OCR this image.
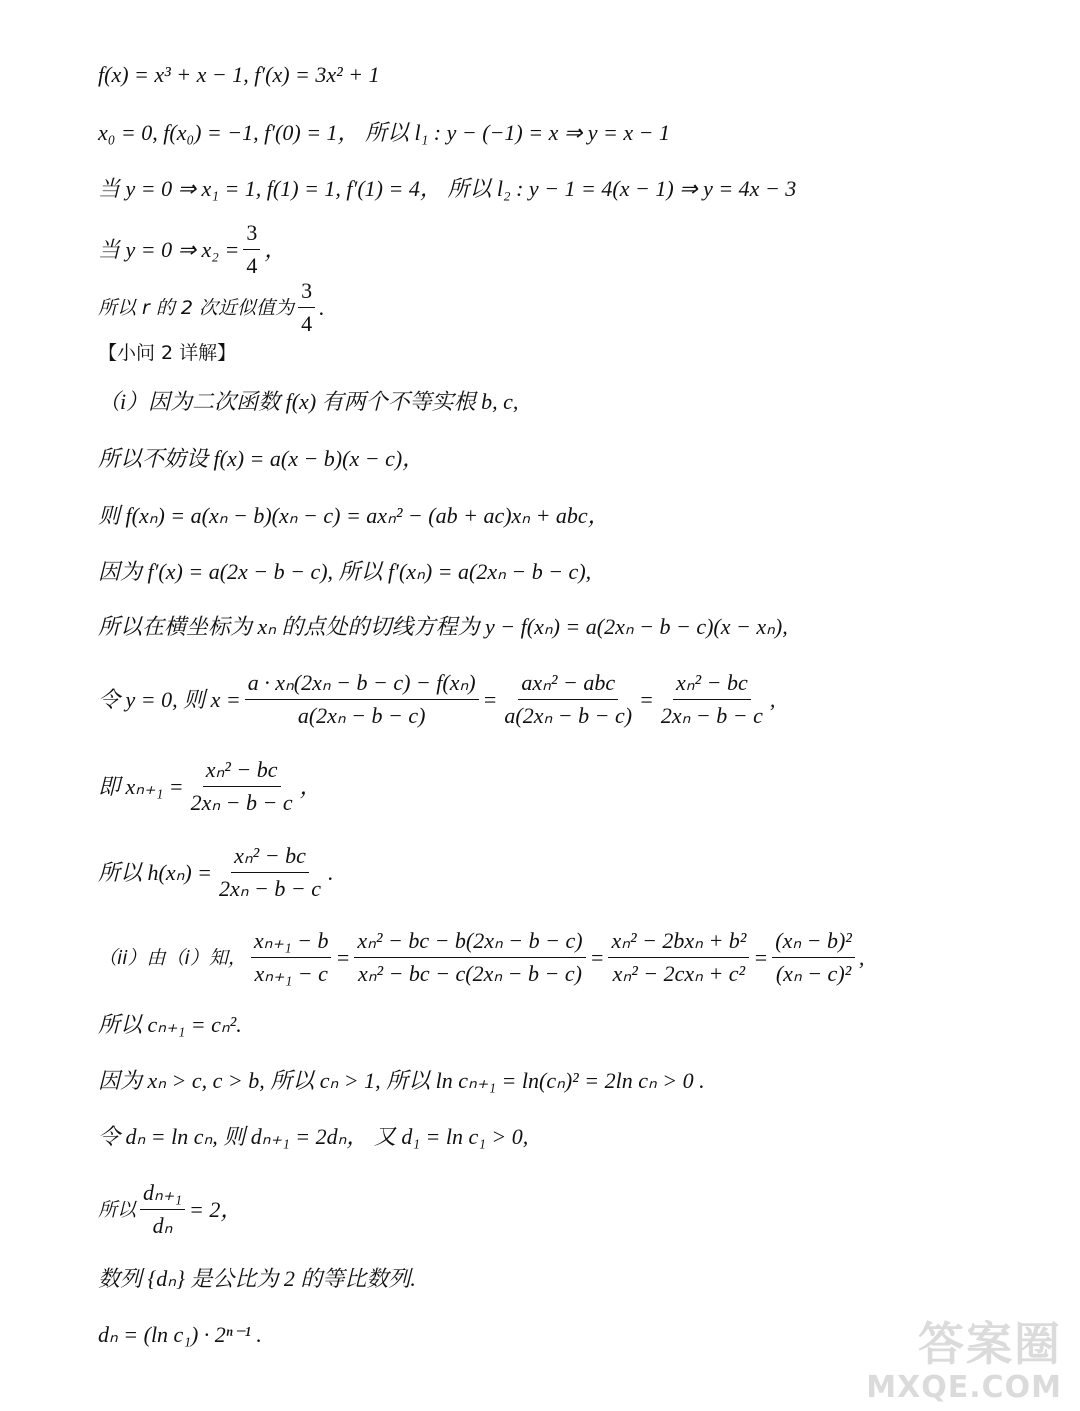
f(x) = x³ + x − 1, f′(x) = 3x² + 1
x₀ = 0, f(x₀) = −1, f′(0) = 1， 所以 l₁ : y − (−1) = x ⇒ y = x − 1
当 y = 0 ⇒ x₁ = 1, f(1) = 1, f′(1) = 4， 所以 l₂ : y − 1 = 4(x − 1) ⇒ y = 4x − 3
当 y = 0 ⇒ $x_2 = \frac{3}{4}$ ，
所以 r 的 2 次近似值为 $\frac{3}{4}$ .
【小问 2 详解】
（i）因为二次函数 f(x) 有两个不等实根 b, c,
所以不妨设 f(x) = a(x − b)(x − c)，
则 f(xₙ) = a(xₙ − b)(xₙ − c) = axₙ² − (ab + ac)xₙ + abc，
因为 f′(x) = a(2x − b − c), 所以 f′(xₙ) = a(2xₙ − b − c),
所以在横坐标为 xₙ 的点处的切线方程为 y − f(xₙ) = a(2xₙ − b − c)(x − xₙ),
令 y = 0, 则 $x = \frac{\text{a · xₙ(2xₙ − b − c) − f(xₙ)}}{\text{a(2xₙ − b − c)}} = \frac{\text{axₙ² − abc}}{\text{a(2xₙ − b − c)}} = \frac{\text{xₙ² − bc}}{\text{2xₙ − b − c}}$ ,
即 $x_{n+1} = \frac{\text{xₙ² − bc}}{\text{2xₙ − b − c}}$ ，
所以 $h(x_n) = \frac{\text{xₙ² − bc}}{\text{2xₙ − b − c}}$ .
（ii）由（i）知， $\frac{\text{xₙ₊₁ − b}}{\text{xₙ₊₁ − c}} = \frac{\text{xₙ² − bc − b(2xₙ − b − c)}}{\text{xₙ² − bc − c(2xₙ − b − c)}} = \frac{\text{xₙ² − 2bxₙ + b²}}{\text{xₙ² − 2cxₙ + c²}} = \frac{\text{(xₙ − b)²}}{\text{(xₙ − c)²}}$ ,
所以 cₙ₊₁ = cₙ².
因为 xₙ > c, c > b, 所以 cₙ > 1, 所以 ln cₙ₊₁ = ln(cₙ)² = 2ln cₙ > 0 .
令 dₙ = ln cₙ, 则 dₙ₊₁ = 2dₙ， 又 d₁ = ln c₁ > 0,
所以 $\frac{\text{dₙ₊₁}}{\text{dₙ}} = 2$，
数列 {dₙ} 是公比为 2 的等比数列.
dₙ = (ln c₁) · 2ⁿ⁻¹ .	答案圈
MXQE.COM
